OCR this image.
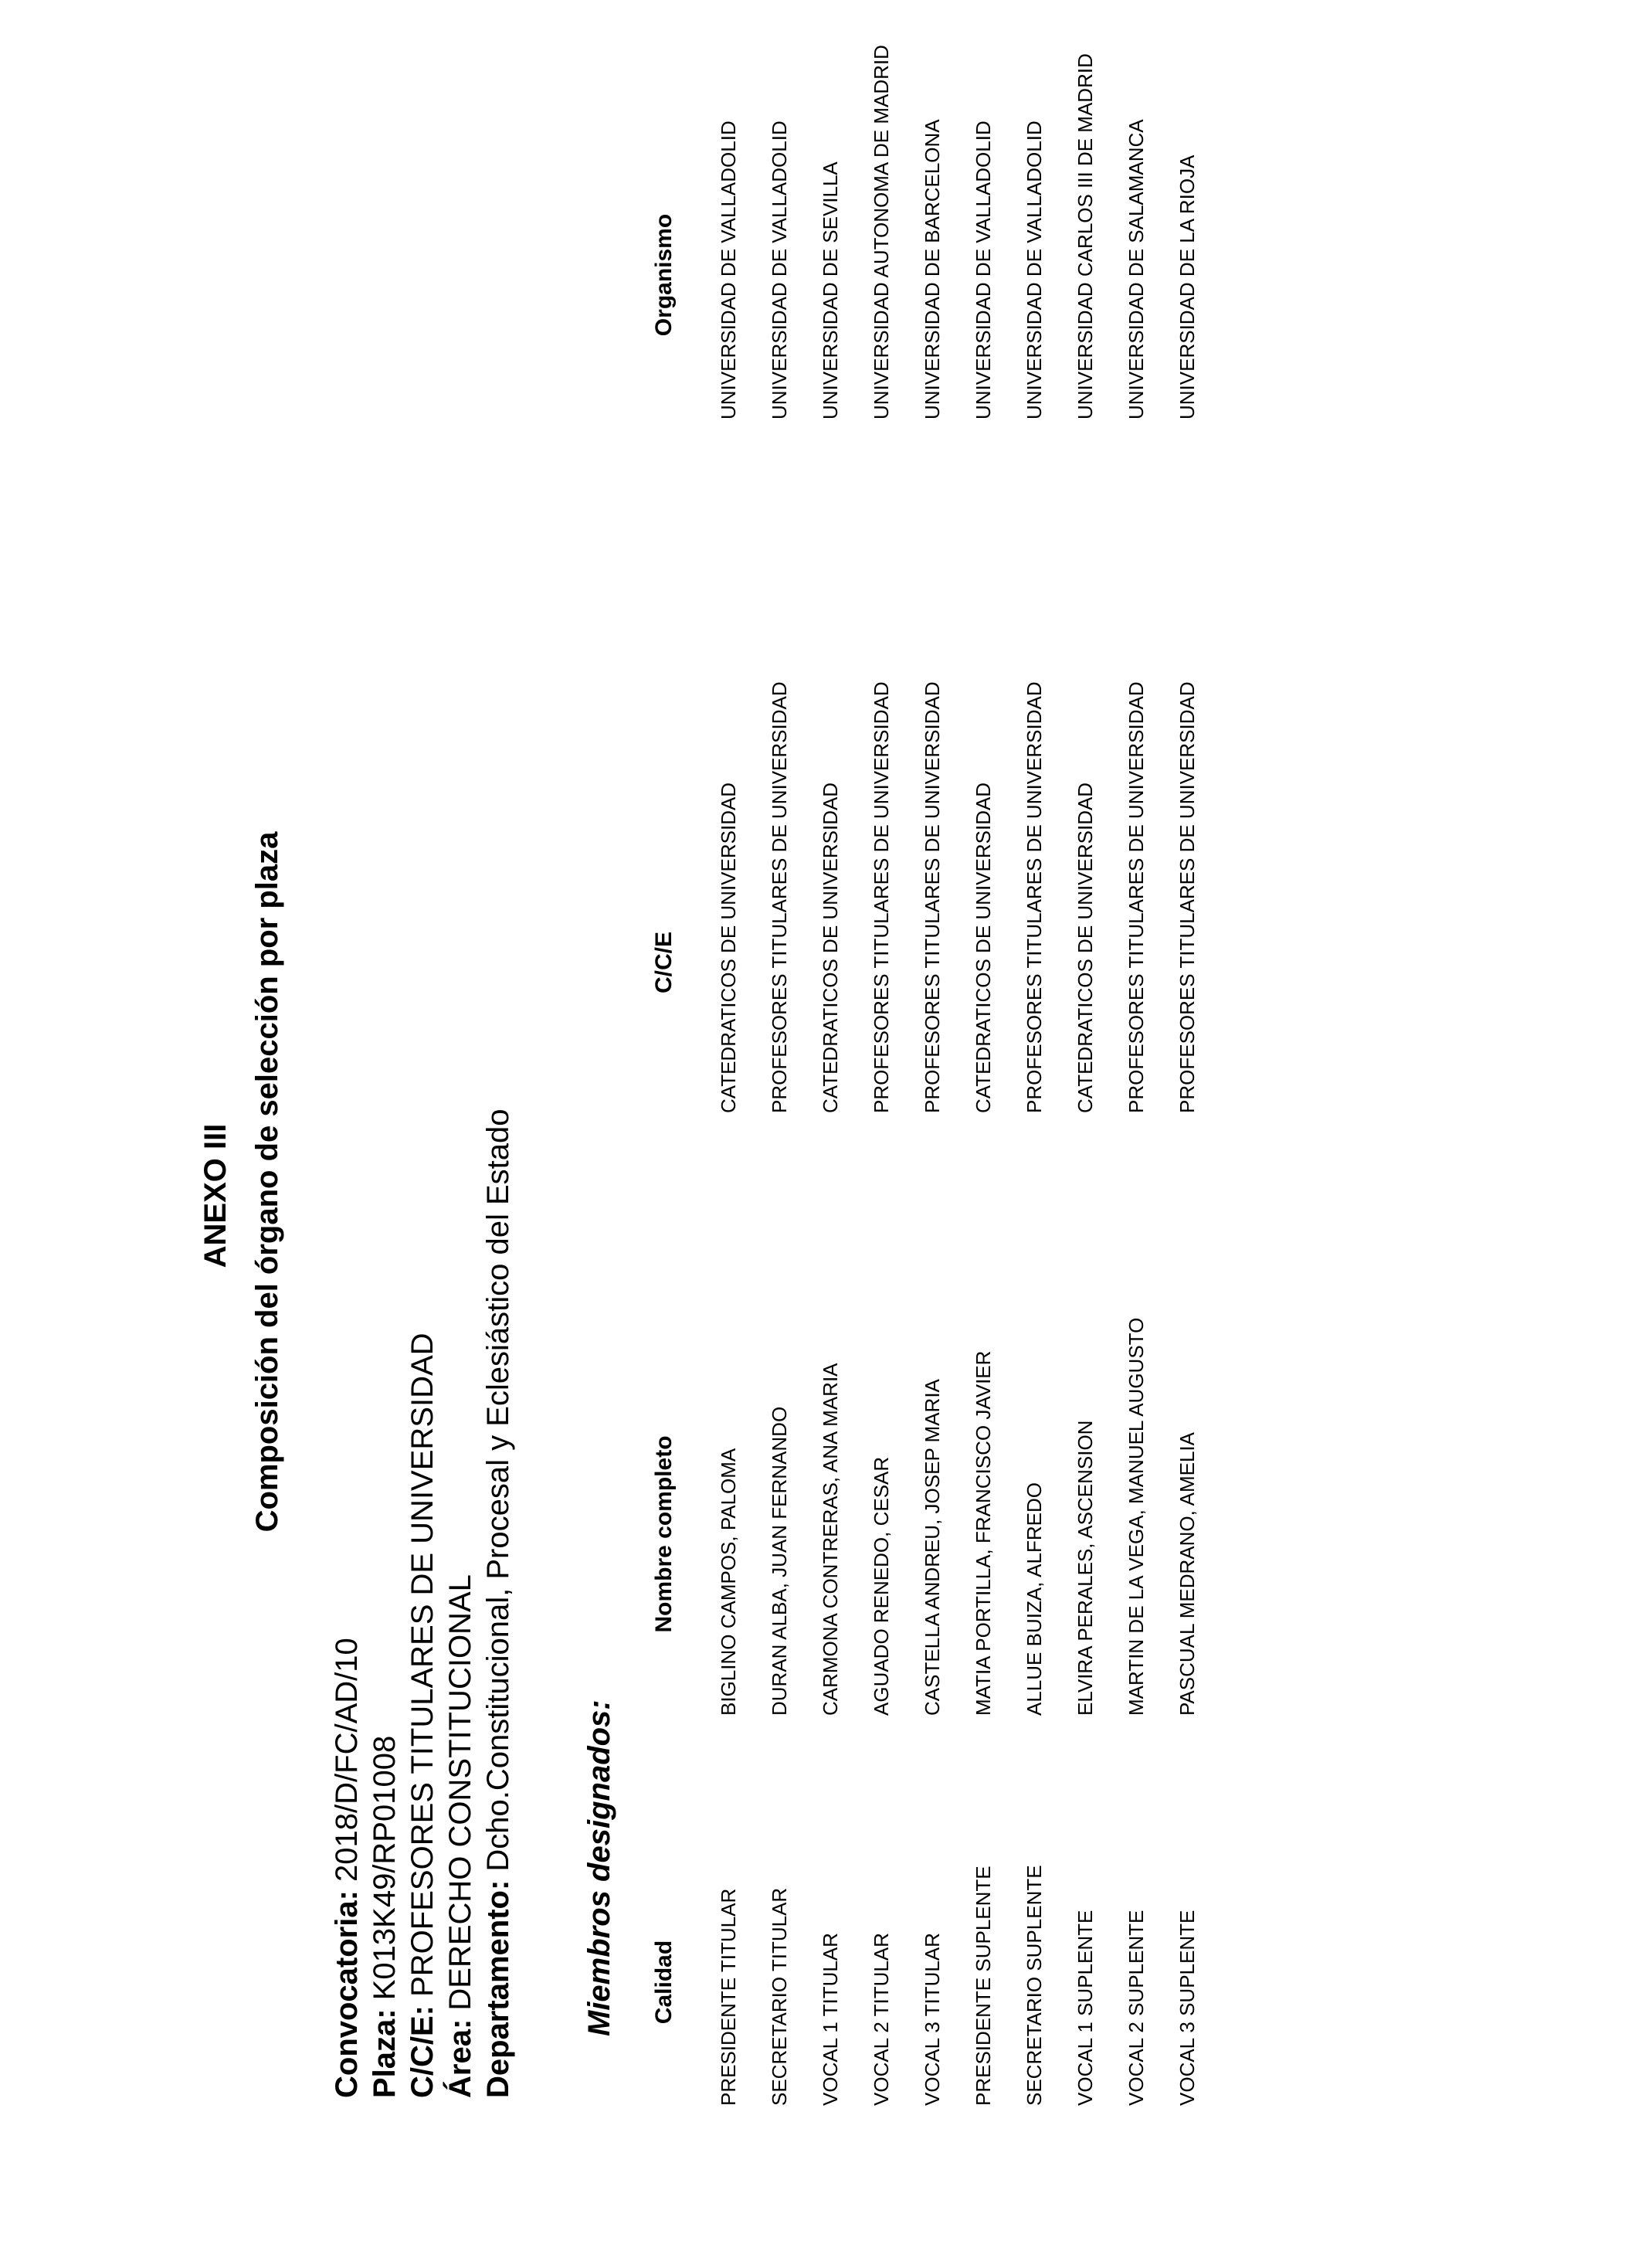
ANEXO III Composición del órgano de selección por plaza
Convocatoria: 2018/D/FC/AD/10
Plaza: K013K49/RP01008
C/C/E: PROFESORES TITULARES DE UNIVERSIDAD
Área: DERECHO CONSTITUCIONAL Departamento: Dcho.Constitucional, Procesal y Eclesiástico del Estado Miembros designados: Calidad
Nombre completo
C/C/E
Organismo
PRESIDENTE TITULAR
BIGLINO CAMPOS, PALOMA
CATEDRATICOS DE UNIVERSIDAD
UNIVERSIDAD DE VALLADOLID
SECRETARIO TITULAR
DURAN ALBA, JUAN FERNANDO
PROFESORES TITULARES DE UNIVERSIDAD
UNIVERSIDAD DE VALLADOLID
VOCAL 1 TITULAR
CARMONA CONTRERAS, ANA MARIA
CATEDRATICOS DE UNIVERSIDAD
UNIVERSIDAD DE SEVILLA
VOCAL 2 TITULAR
AGUADO RENEDO, CESAR
PROFESORES TITULARES DE UNIVERSIDAD
UNIVERSIDAD AUTONOMA DE MADRID
VOCAL 3 TITULAR
CASTELLA ANDREU, JOSEP MARIA
PROFESORES TITULARES DE UNIVERSIDAD
UNIVERSIDAD DE BARCELONA
PRESIDENTE SUPLENTE
MATIA PORTILLA, FRANCISCO JAVIER
CATEDRATICOS DE UNIVERSIDAD
UNIVERSIDAD DE VALLADOLID
SECRETARIO SUPLENTE
ALLUE BUIZA, ALFREDO
PROFESORES TITULARES DE UNIVERSIDAD
UNIVERSIDAD DE VALLADOLID
VOCAL 1 SUPLENTE
ELVIRA PERALES, ASCENSION
CATEDRATICOS DE UNIVERSIDAD
UNIVERSIDAD CARLOS III DE MADRID
VOCAL 2 SUPLENTE
MARTIN DE LA VEGA, MANUEL AUGUSTO
PROFESORES TITULARES DE UNIVERSIDAD
UNIVERSIDAD DE SALAMANCA
VOCAL 3 SUPLENTE
PASCUAL MEDRANO, AMELIA
PROFESORES TITULARES DE UNIVERSIDAD
UNIVERSIDAD DE LA RIOJA
